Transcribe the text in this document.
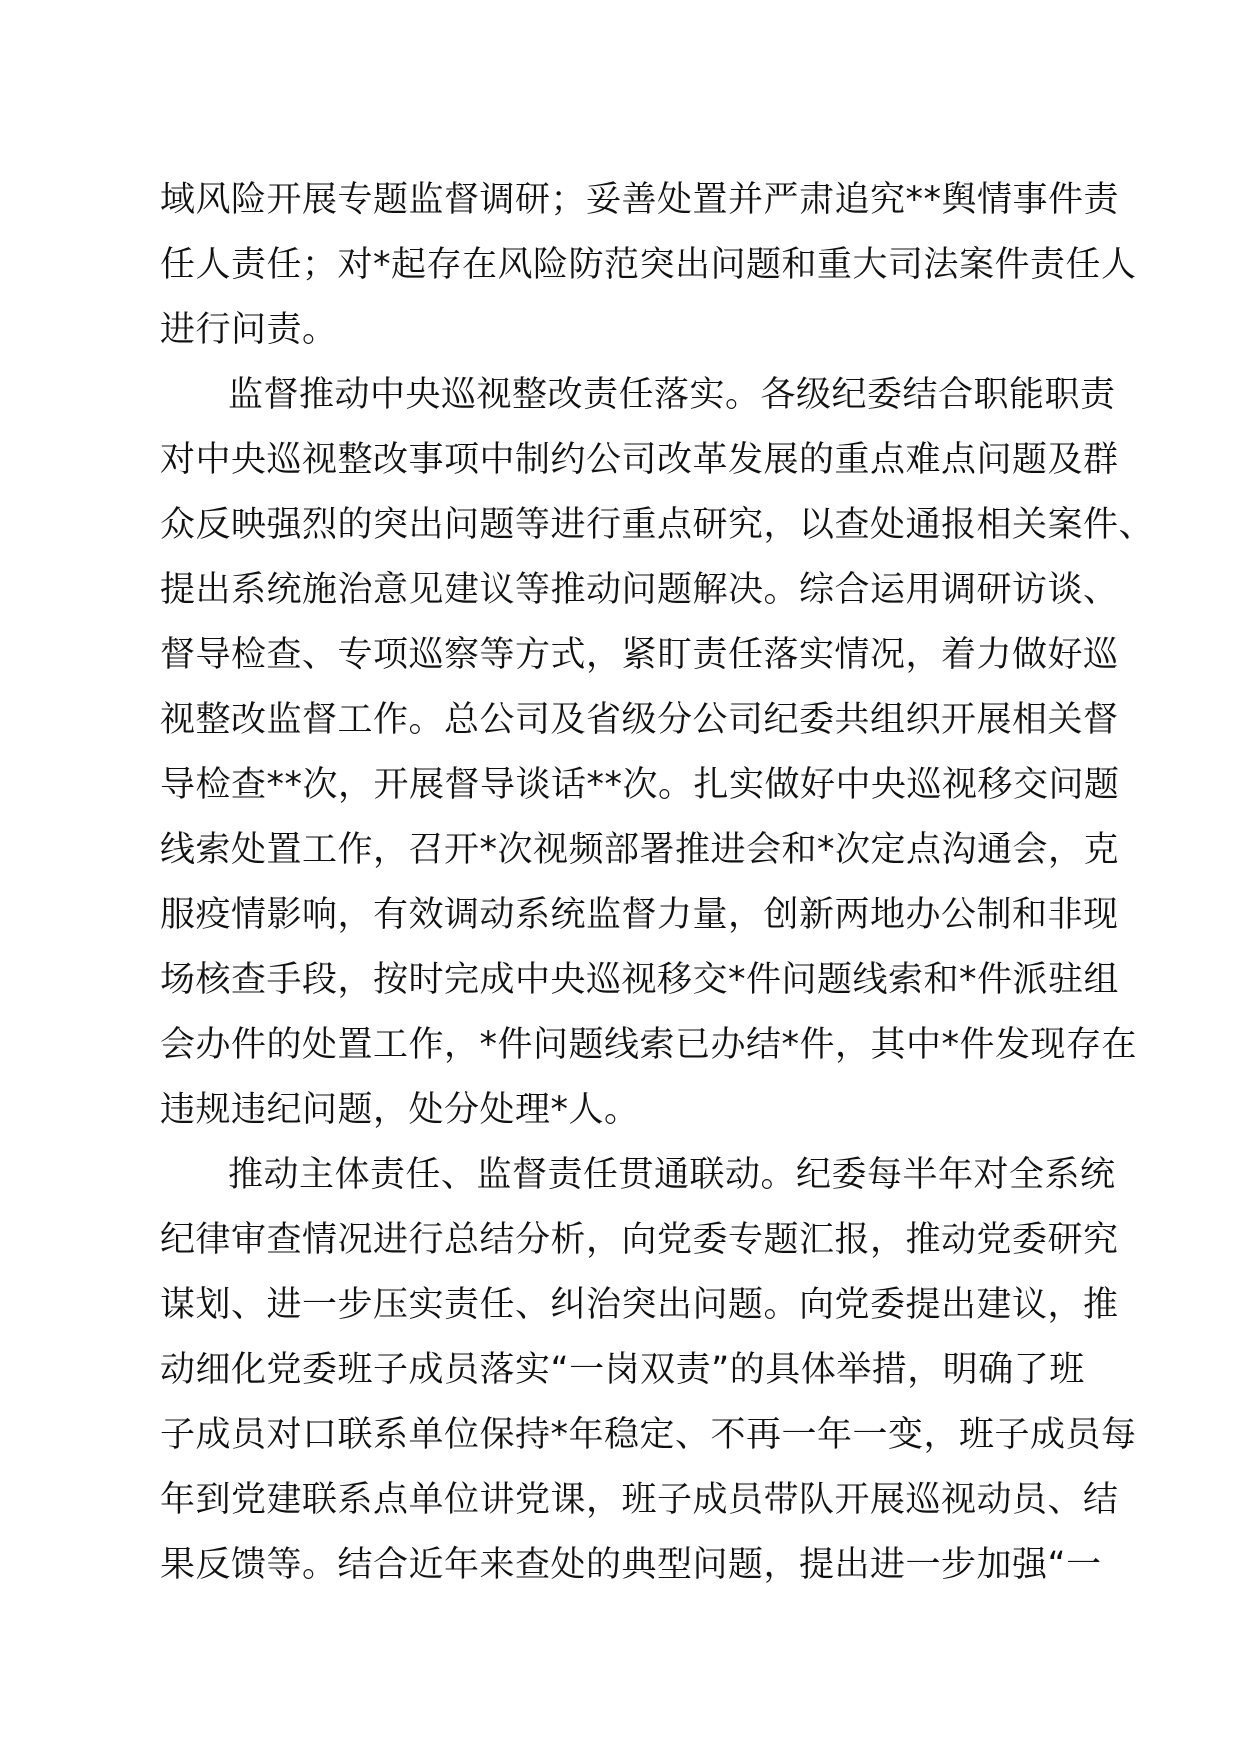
域风险开展专题监督调研；妥善处置并严肃追究**舆情事件责
任人责任；对*起存在风险防范突出问题和重大司法案件责任人
进行问责。
监督推动中央巡视整改责任落实。各级纪委结合职能职责
对中央巡视整改事项中制约公司改革发展的重点难点问题及群
众反映强烈的突出问题等进行重点研究，以查处通报相关案件、
提出系统施治意见建议等推动问题解决。综合运用调研访谈、
督导检查、专项巡察等方式，紧盯责任落实情况，着力做好巡
视整改监督工作。总公司及省级分公司纪委共组织开展相关督
导检查**次，开展督导谈话**次。扎实做好中央巡视移交问题
线索处置工作，召开*次视频部署推进会和*次定点沟通会，克
服疫情影响，有效调动系统监督力量，创新两地办公制和非现
场核查手段，按时完成中央巡视移交*件问题线索和*件派驻组
会办件的处置工作，*件问题线索已办结*件，其中*件发现存在
违规违纪问题，处分处理*人。
推动主体责任、监督责任贯通联动。纪委每半年对全系统
纪律审查情况进行总结分析，向党委专题汇报，推动党委研究
谋划、进一步压实责任、纠治突出问题。向党委提出建议，推
动细化党委班子成员落实“一岗双责”的具体举措，明确了班
子成员对口联系单位保持*年稳定、不再一年一变，班子成员每
年到党建联系点单位讲党课，班子成员带队开展巡视动员、结
果反馈等。结合近年来查处的典型问题，提出进一步加强“一
